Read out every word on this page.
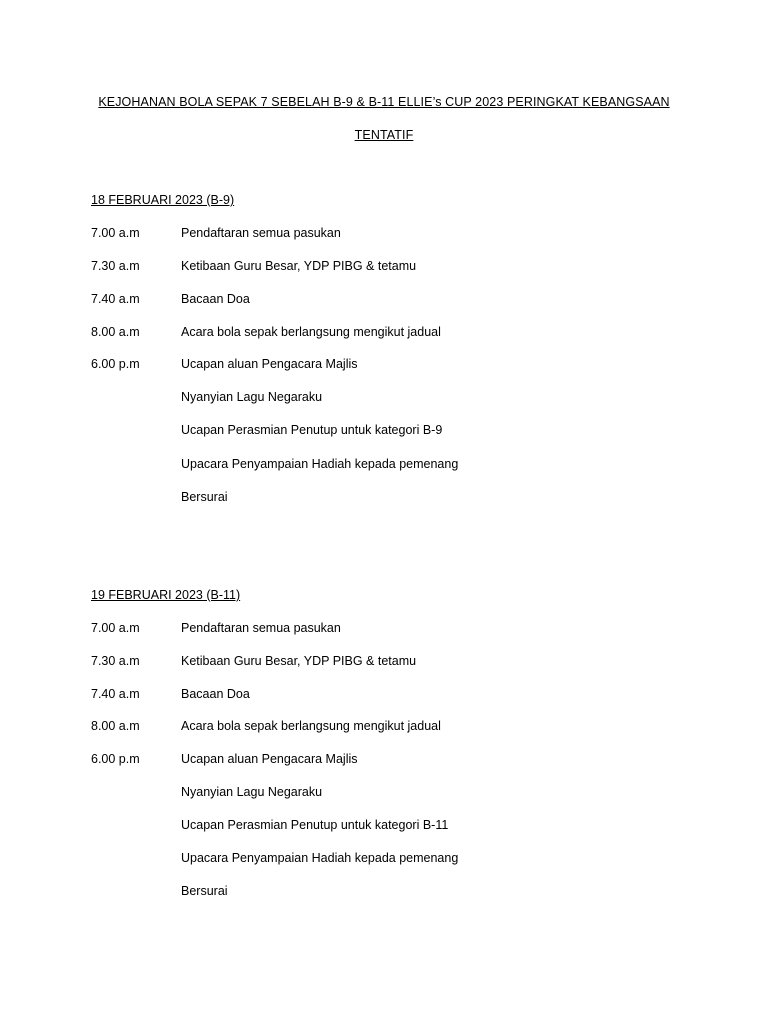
KEJOHANAN BOLA SEPAK 7 SEBELAH B-9 & B-11 ELLIE’s CUP 2023 PERINGKAT KEBANGSAAN
TENTATIF
18 FEBRUARI 2023 (B-9)
7.00 a.m	Pendaftaran semua pasukan
7.30 a.m	Ketibaan Guru Besar, YDP PIBG & tetamu
7.40 a.m	Bacaan Doa
8.00 a.m	Acara bola sepak berlangsung mengikut jadual
6.00 p.m	Ucapan aluan Pengacara Majlis
Nyanyian Lagu Negaraku
Ucapan Perasmian Penutup untuk kategori B-9
Upacara Penyampaian Hadiah kepada pemenang
Bersurai
19 FEBRUARI 2023 (B-11)
7.00 a.m	Pendaftaran semua pasukan
7.30 a.m	Ketibaan Guru Besar, YDP PIBG & tetamu
7.40 a.m	Bacaan Doa
8.00 a.m	Acara bola sepak berlangsung mengikut jadual
6.00 p.m	Ucapan aluan Pengacara Majlis
Nyanyian Lagu Negaraku
Ucapan Perasmian Penutup untuk kategori B-11
Upacara Penyampaian Hadiah kepada pemenang
Bersurai
